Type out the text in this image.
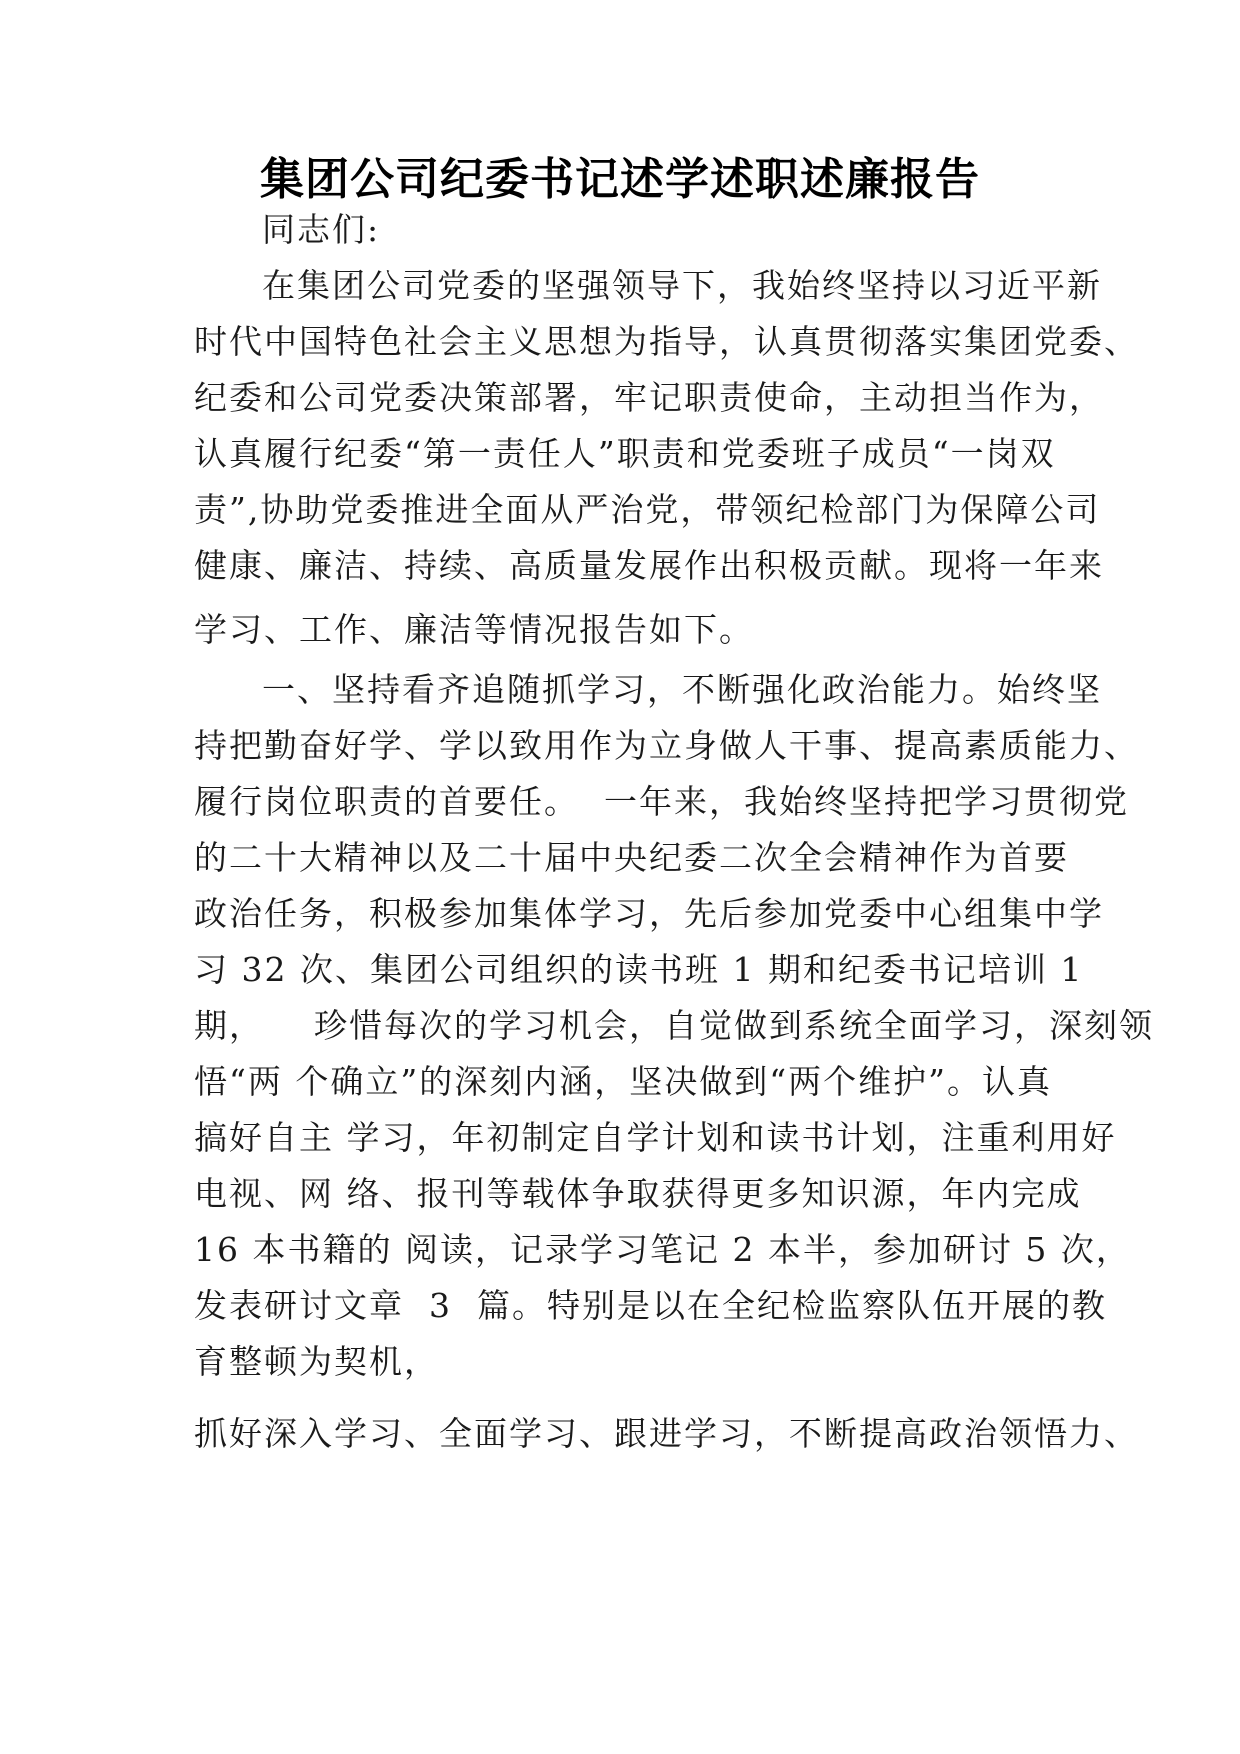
集团公司纪委书记述学述职述廉报告
同志们:
在集团公司党委的坚强领导下，我始终坚持以习近平新
时代中国特色社会主义思想为指导，认真贯彻落实集团党委、
纪委和公司党委决策部署，牢记职责使命，主动担当作为，
认真履行纪委“第一责任人”职责和党委班子成员“一岗双
责”,协助党委推进全面从严治党，带领纪检部门为保障公司
健康、廉洁、持续、高质量发展作出积极贡献。现将一年来
学习、工作、廉洁等情况报告如下。
一、坚持看齐追随抓学习，不断强化政治能力。始终坚
持把勤奋好学、学以致用作为立身做人干事、提高素质能力、
履行岗位职责的首要任。  一年来，我始终坚持把学习贯彻党
的二十大精神以及二十届中央纪委二次全会精神作为首要
政治任务，积极参加集体学习，先后参加党委中心组集中学
习 32 次、集团公司组织的读书班 1 期和纪委书记培训 1
期，    珍惜每次的学习机会，自觉做到系统全面学习，深刻领
悟“两 个确立”的深刻内涵，坚决做到“两个维护”。认真
搞好自主 学习，年初制定自学计划和读书计划，注重利用好
电视、网 络、报刊等载体争取获得更多知识源，年内完成
16 本书籍的 阅读，记录学习笔记 2 本半，参加研讨 5 次，
发表研讨文章  3  篇。特别是以在全纪检监察队伍开展的教
育整顿为契机，
抓好深入学习、全面学习、跟进学习，不断提高政治领悟力、
